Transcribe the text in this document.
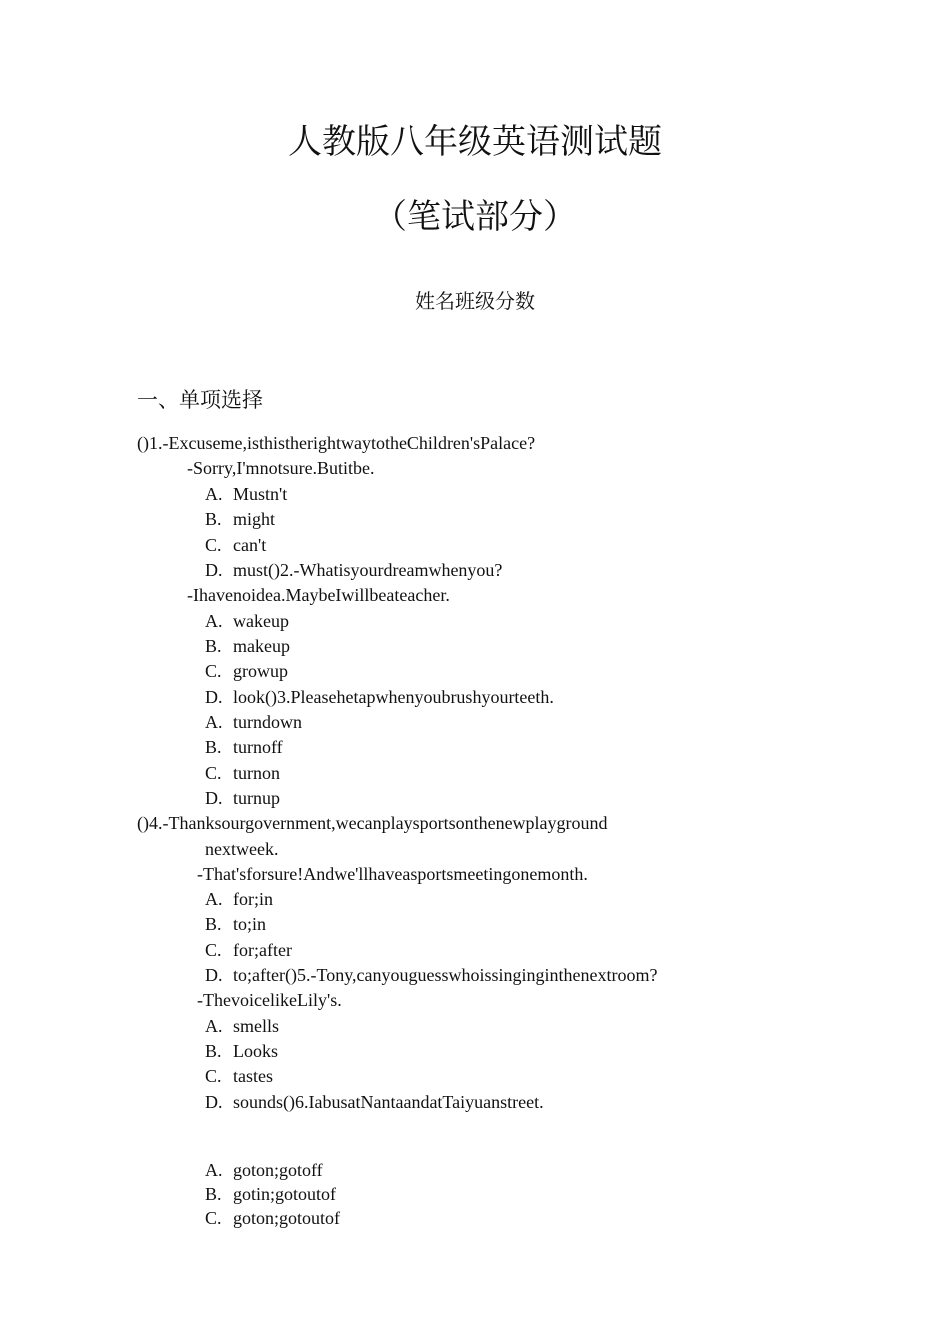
人教版八年级英语测试题
（笔试部分）
姓名班级分数
一、单项选择
()1.-Excuseme,isthistherightwaytotheChildren'sPalace?
-Sorry,I'mnotsure.Butitbe.
A. Mustn't
B. might
C. can't
D. must()2.-Whatisyourdreamwhenyou?
-Ihavenoidea.MaybeIwillbeateacher.
A. wakeup
B. makeup
C. growup
D. look()3.Pleasehetapwhenyoubrushyourteeth.
A. turndown
B. turnoff
C. turnon
D. turnup
()4.-Thanksourgovernment,wecanplaysportsonthenewplayground
nextweek.
-That'sforsure!Andwe'llhaveasportsmeetingonemonth.
A. for;in
B. to;in
C. for;after
D. to;after()5.-Tony,canyouguesswhoissinginginthenextroom?
-ThevoicelikeLily's.
A. smells
B. Looks
C. tastes
D. sounds()6.IabusatNantaandatTaiyuanstreet.
A. goton;gotoff
B. gotin;gotoutof
C. goton;gotoutof
